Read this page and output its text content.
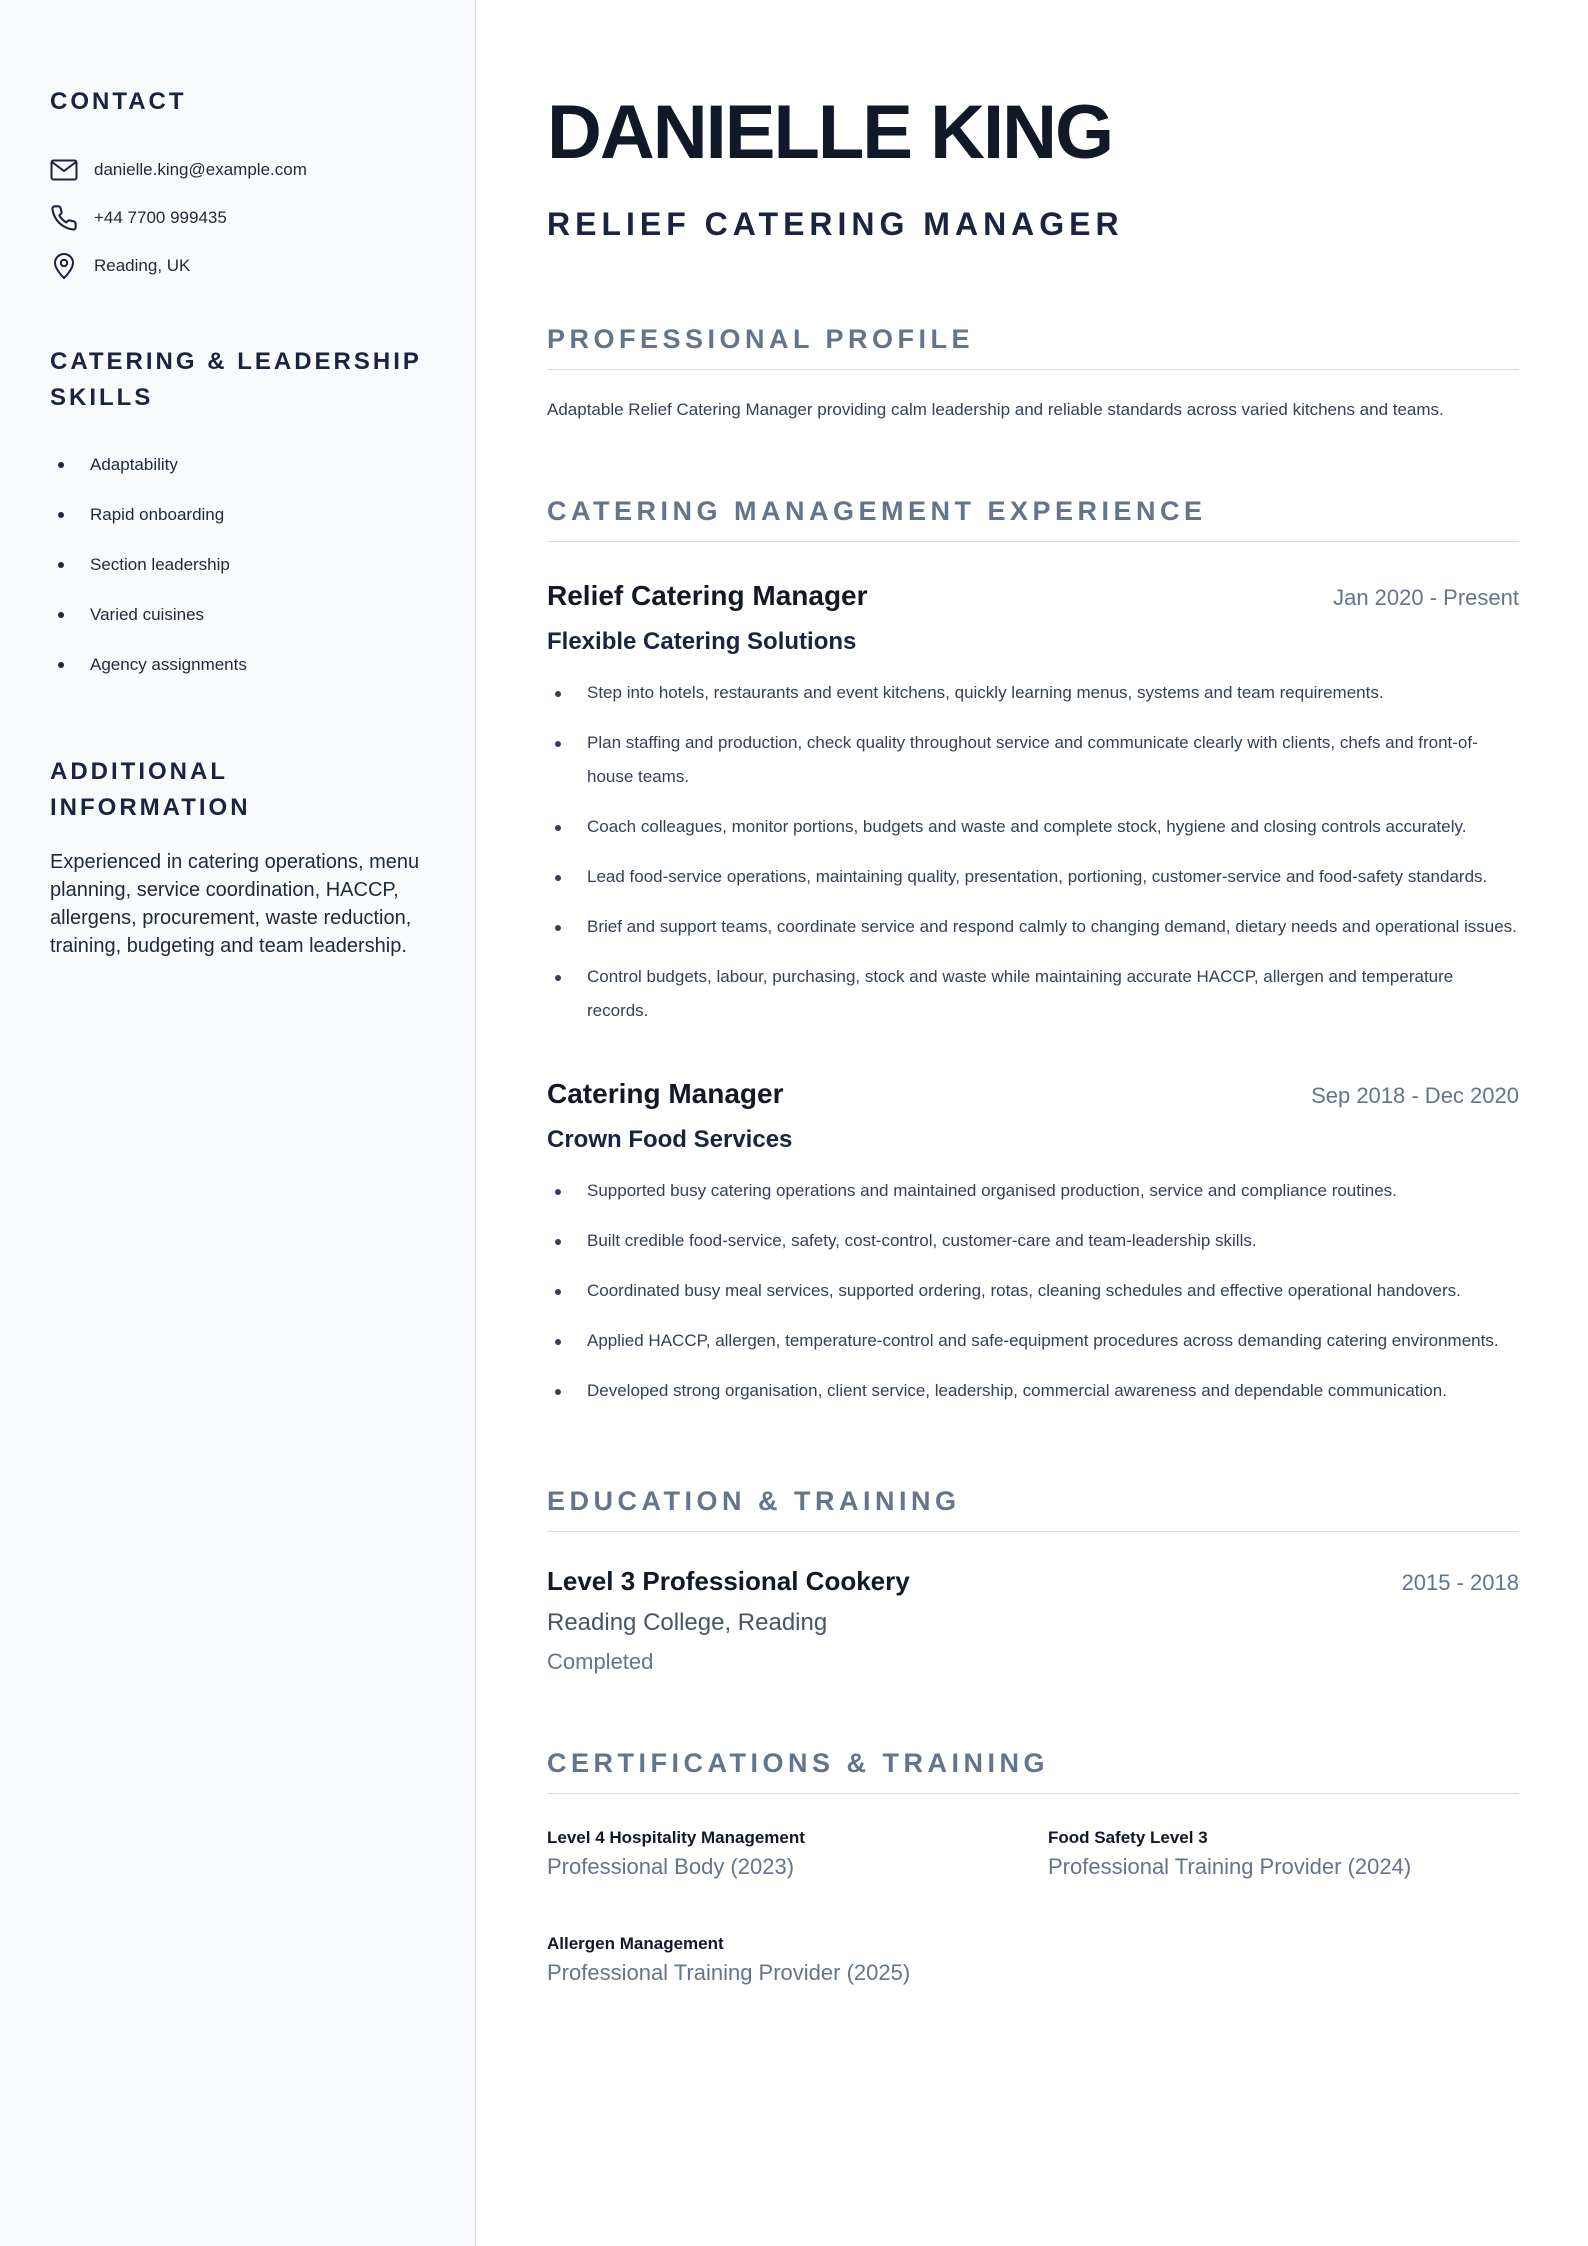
CONTACT
danielle.king@example.com
+44 7700 999435
Reading, UK
CATERING & LEADERSHIP SKILLS
Adaptability
Rapid onboarding
Section leadership
Varied cuisines
Agency assignments
ADDITIONAL INFORMATION

Experienced in catering operations, menu planning, service coordination, HACCP, allergens, procurement, waste reduction, training, budgeting and team leadership.

DANIELLE KING
RELIEF CATERING MANAGER
PROFESSIONAL PROFILE

Adaptable Relief Catering Manager providing calm leadership and reliable standards across varied kitchens and teams.

CATERING MANAGEMENT EXPERIENCE
Relief Catering Manager	Jan 2020 - Present
Flexible Catering Solutions
Step into hotels, restaurants and event kitchens, quickly learning menus, systems and team requirements.
Plan staffing and production, check quality throughout service and communicate clearly with clients, chefs and front-of-house teams.
Coach colleagues, monitor portions, budgets and waste and complete stock, hygiene and closing controls accurately.
Lead food-service operations, maintaining quality, presentation, portioning, customer-service and food-safety standards.
Brief and support teams, coordinate service and respond calmly to changing demand, dietary needs and operational issues.
Control budgets, labour, purchasing, stock and waste while maintaining accurate HACCP, allergen and temperature records.
Catering Manager	Sep 2018 - Dec 2020
Crown Food Services
Supported busy catering operations and maintained organised production, service and compliance routines.
Built credible food-service, safety, cost-control, customer-care and team-leadership skills.
Coordinated busy meal services, supported ordering, rotas, cleaning schedules and effective operational handovers.
Applied HACCP, allergen, temperature-control and safe-equipment procedures across demanding catering environments.
Developed strong organisation, client service, leadership, commercial awareness and dependable communication.
EDUCATION & TRAINING
Level 3 Professional Cookery	2015 - 2018
Reading College, Reading
Completed
CERTIFICATIONS & TRAINING
Level 4 Hospitality Management
Professional Body (2023)
Food Safety Level 3
Professional Training Provider (2024)
Allergen Management
Professional Training Provider (2025)
